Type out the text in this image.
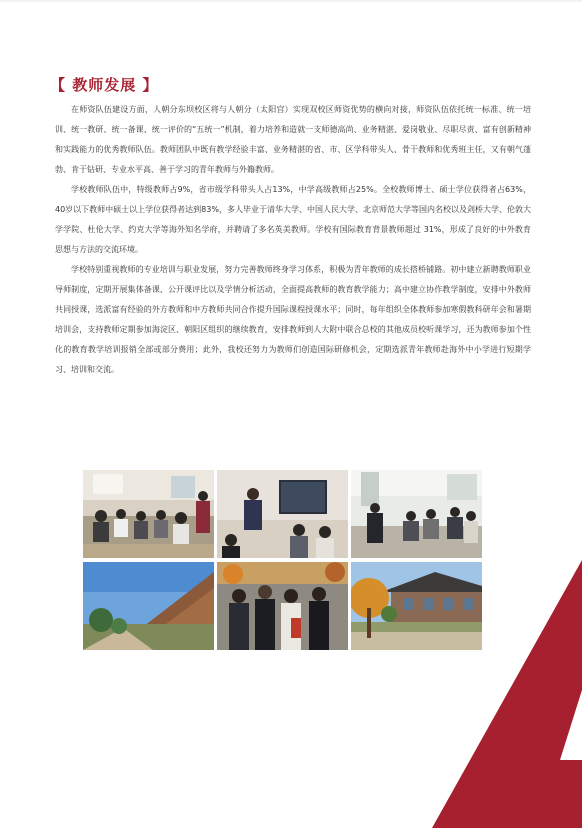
【 教师发展 】

在师资队伍建设方面，人朝分东坝校区将与人朝分（太阳宫）实现双校区师资优势的横向对接，师资队伍依托统一标准、统一培训、统一教研、统一备课、统一评价的“五统一”机制，着力培养和造就一支师德高尚、业务精湛、爱岗敬业、尽职尽责、富有创新精神和实践能力的优秀教师队伍。教师团队中既有教学经验丰富、业务精湛的省、市、区学科带头人、骨干教师和优秀班主任，又有朝气蓬勃、肯于钻研、专业水平高、善于学习的青年教师与外籍教师。

学校教师队伍中，特级教师占9%，省市级学科带头人占13%，中学高级教师占25%。全校教师博士、硕士学位获得者占63%，40岁以下教师中硕士以上学位获得者达到83%，多人毕业于清华大学、中国人民大学、北京师范大学等国内名校以及剑桥大学、伦敦大学学院、杜伦大学、约克大学等海外知名学府，并聘请了多名英美教师。学校有国际教育背景教师超过 31%，形成了良好的中外教育思想与方法的交流环境。

学校特别重视教师的专业培训与职业发展，努力完善教师终身学习体系，积极为青年教师的成长搭桥铺路。初中建立新聘教师职业导师制度，定期开展集体备课、公开课评比以及学情分析活动，全面提高教师的教育教学能力；高中建立协作教学制度，安排中外教师共同授课，选派富有经验的外方教师和中方教师共同合作提升国际课程授课水平；同时，每年组织全体教师参加寒假教科研年会和暑期培训会，支持教师定期参加海淀区、朝阳区组织的继续教育，安排教师到人大附中联合总校的其他成员校听课学习，还为教师参加个性化的教育教学培训报销全部或部分费用；此外，我校还努力为教师们创造国际研修机会，定期选派青年教师赴海外中小学进行短期学习、培训和交流。
